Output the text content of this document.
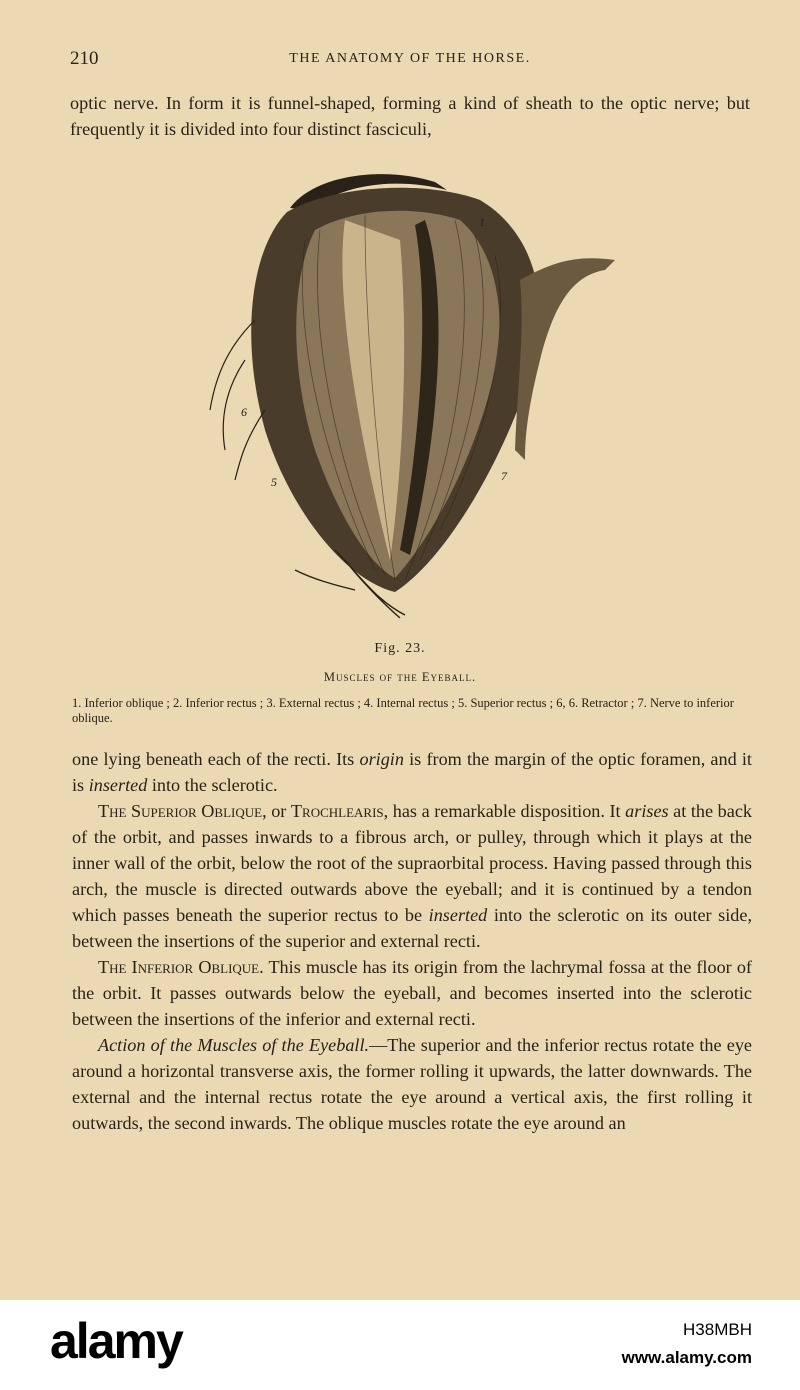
210	THE ANATOMY OF THE HORSE.

optic nerve. In form it is funnel-shaped, forming a kind of sheath to the optic nerve; but frequently it is divided into four distinct fasciculi,

1
6
5	7
Fig. 23.
Muscles of the Eyeball.
1. Inferior oblique ; 2. Inferior rectus ; 3. External rectus ; 4. Internal rectus ; 5. Superior rectus ; 6, 6. Retractor ; 7. Nerve to inferior oblique.

one lying beneath each of the recti. Its origin is from the margin of the optic foramen, and it is inserted into the sclerotic.

The Superior Oblique, or Trochlearis, has a remarkable disposition. It arises at the back of the orbit, and passes inwards to a fibrous arch, or pulley, through which it plays at the inner wall of the orbit, below the root of the supraorbital process. Having passed through this arch, the muscle is directed outwards above the eyeball; and it is continued by a tendon which passes beneath the superior rectus to be inserted into the sclerotic on its outer side, between the insertions of the superior and external recti.

The Inferior Oblique. This muscle has its origin from the lachrymal fossa at the floor of the orbit. It passes outwards below the eyeball, and becomes inserted into the sclerotic between the insertions of the inferior and external recti.

Action of the Muscles of the Eyeball.—The superior and the inferior rectus rotate the eye around a horizontal transverse axis, the former rolling it upwards, the latter downwards. The external and the internal rectus rotate the eye around a vertical axis, the first rolling it outwards, the second inwards. The oblique muscles rotate the eye around an

alamy	H38MBH
www.alamy.com
